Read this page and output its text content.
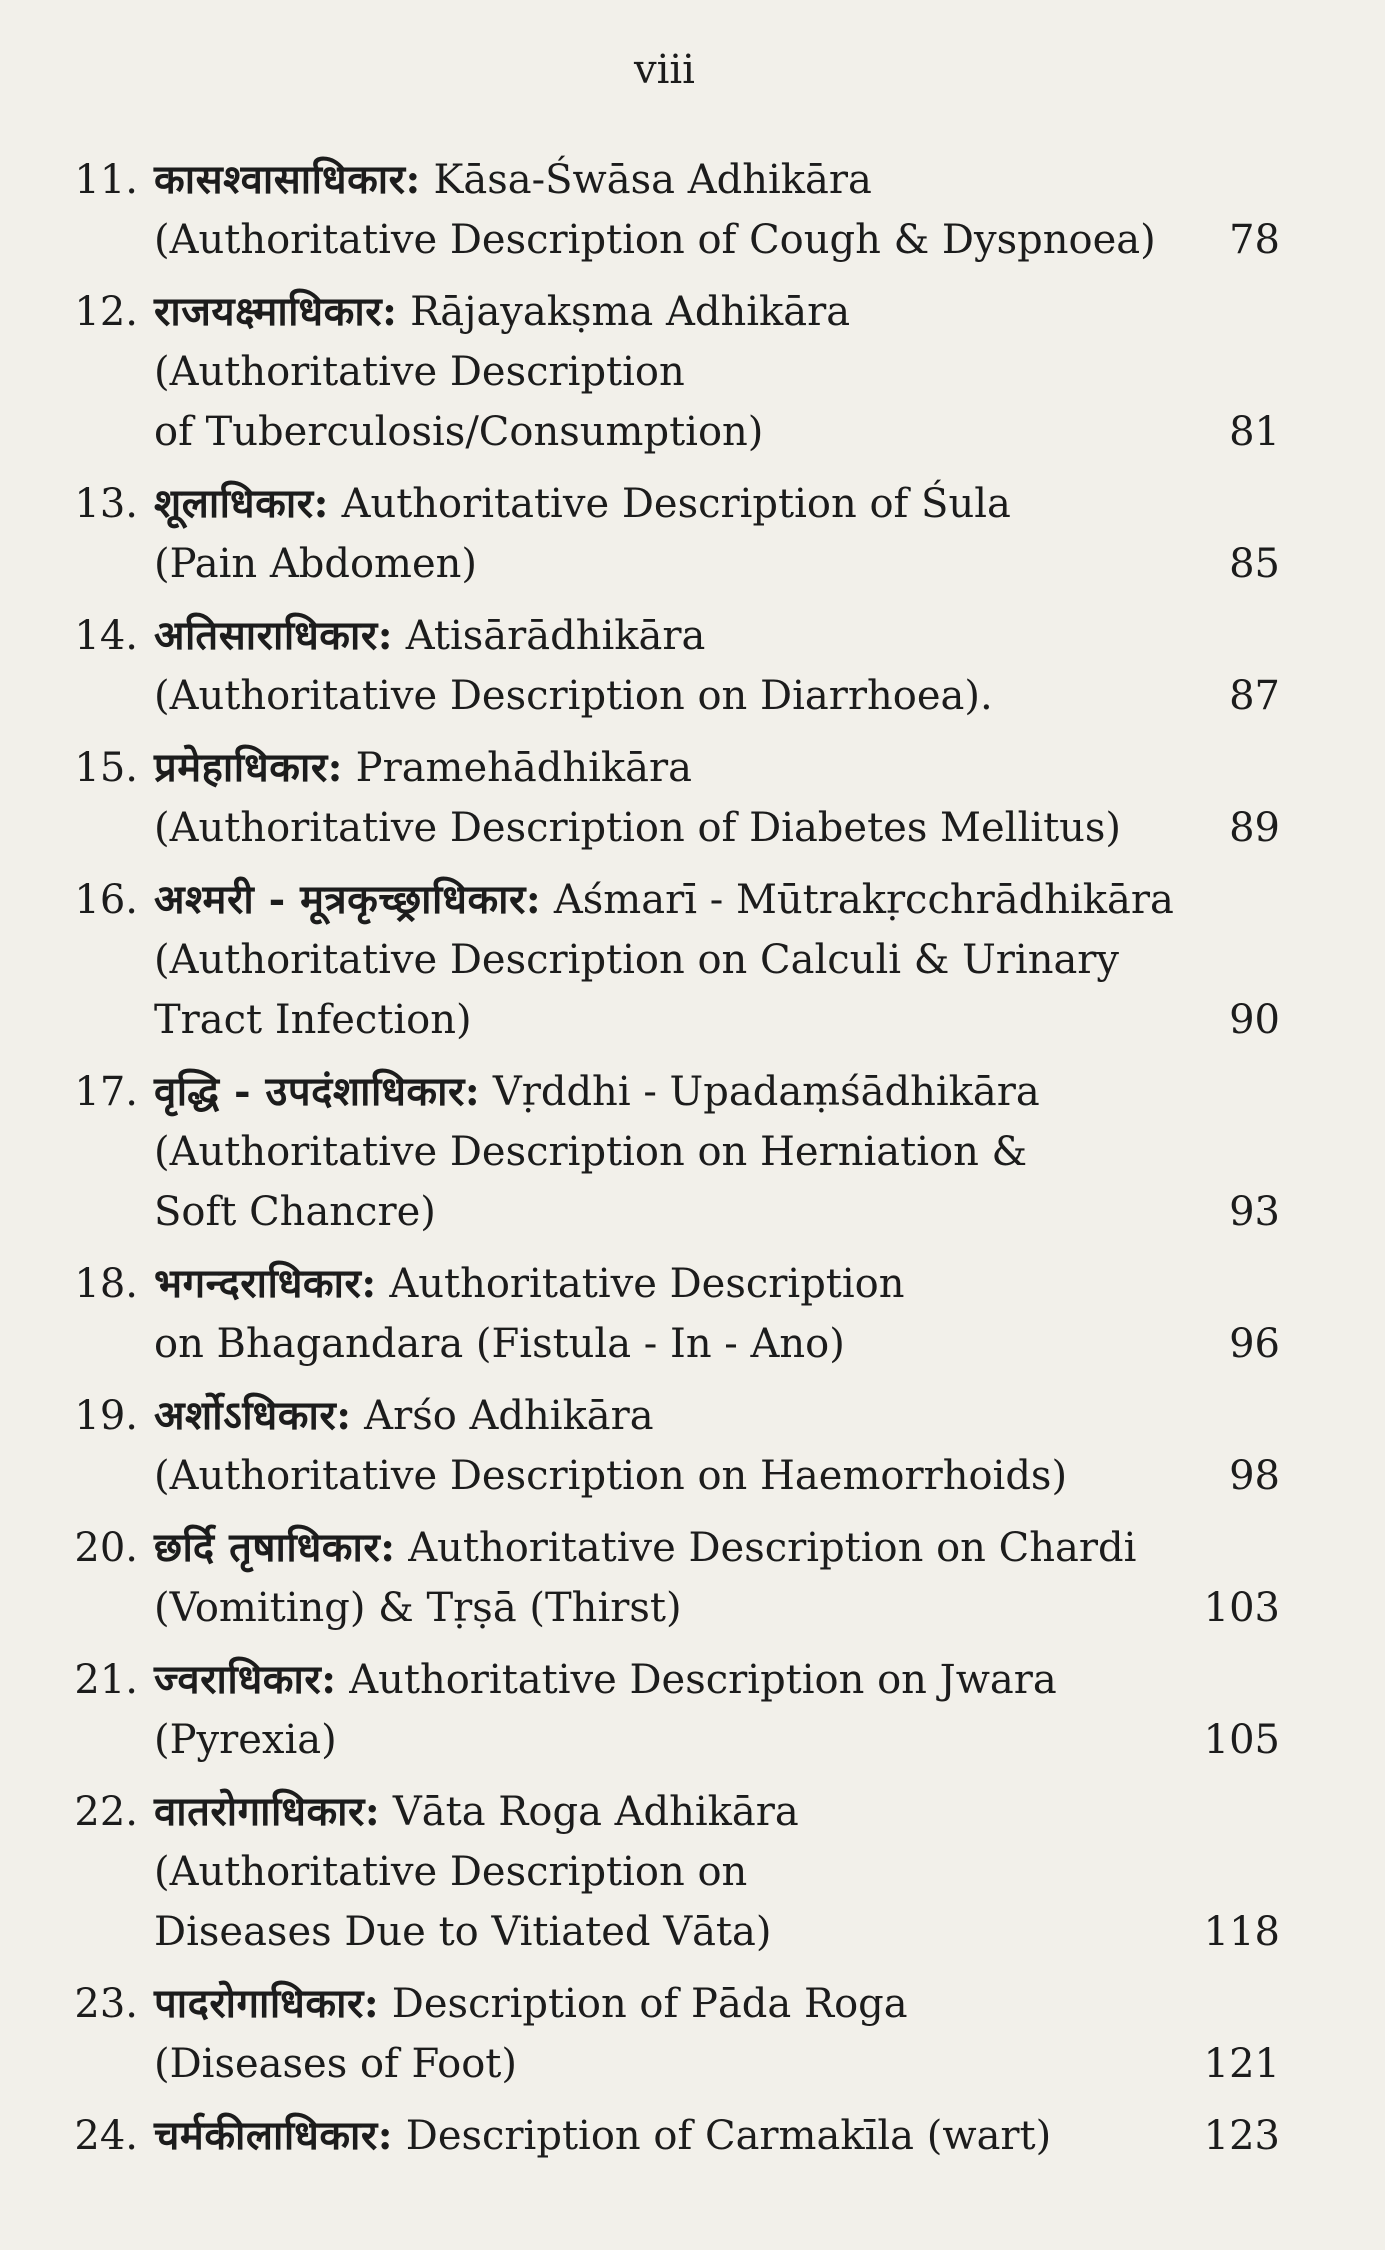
viii
11. कासश्वासाधिकार: Kāsa-Śwāsa Adhikāra
(Authoritative Description of Cough & Dyspnoea) 78
12. राजयक्ष्माधिकार: Rājayakṣma Adhikāra
(Authoritative Description
of Tuberculosis/Consumption)	81
13. शूलाधिकार: Authoritative Description of Śula
(Pain Abdomen)	85
14. अतिसाराधिकार: Atisārādhikāra
(Authoritative Description on Diarrhoea).	87
15. प्रमेहाधिकार: Pramehādhikāra
(Authoritative Description of Diabetes Mellitus)	89
16. अश्मरी - मूत्रकृच्छ्राधिकार: Aśmarī - Mūtrakṛcchrādhikāra
(Authoritative Description on Calculi & Urinary
Tract Infection)	90
17. वृद्धि - उपदंशाधिकार: Vṛddhi - Upadaṃśādhikāra
(Authoritative Description on Herniation &
Soft Chancre)	93
18. भगन्दराधिकार: Authoritative Description
on Bhagandara (Fistula - In - Ano)	96
19. अर्शोऽधिकार: Arśo Adhikāra
(Authoritative Description on Haemorrhoids)	98
20. छर्दि तृषाधिकार: Authoritative Description on Chardi
(Vomiting) & Tṛṣā (Thirst)	103
21. ज्वराधिकार: Authoritative Description on Jwara
(Pyrexia)	105
22. वातरोगाधिकार: Vāta Roga Adhikāra
(Authoritative Description on
Diseases Due to Vitiated Vāta)	118
23. पादरोगाधिकार: Description of Pāda Roga
(Diseases of Foot)	121
24. चर्मकीलाधिकार: Description of Carmakīla (wart)	123
